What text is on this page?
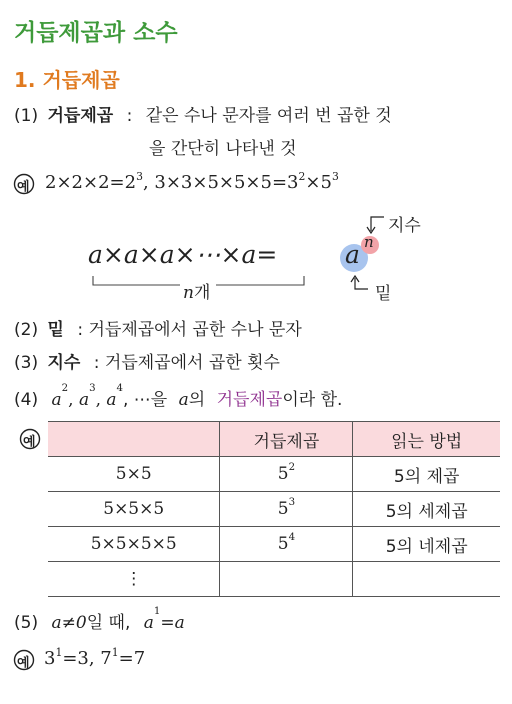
거듭제곱과 소수
1. 거듭제곱
(1) 거듭제곱 : 같은 수나 문자를 여러 번 곱한 것
을 간단히 나타낸 것
예 $2\times 2\times 2=2^3$, $3\times 3\times 5\times 5\times 5=3^2\times 5^3$
a×a×a×⋯×a=	a n
지수
밑
n개
(2) 밑 : 거듭제곱에서 곱한 수나 문자
(3) 지수 : 거듭제곱에서 곱한 횟수
(4) $a^2$, $a^3$, $a^4$, ⋯을 a의 거듭제곱이라 함.
예
		거듭제곱	읽는 방법
5×5	$5^2$	5의 제곱
5×5×5	$5^3$	5의 세제곱
5×5×5×5	$5^4$	5의 네제곱
⋮		
(5) a≠0일 때, $a^1=a$
예 $3^1=3$, $7^1=7$
